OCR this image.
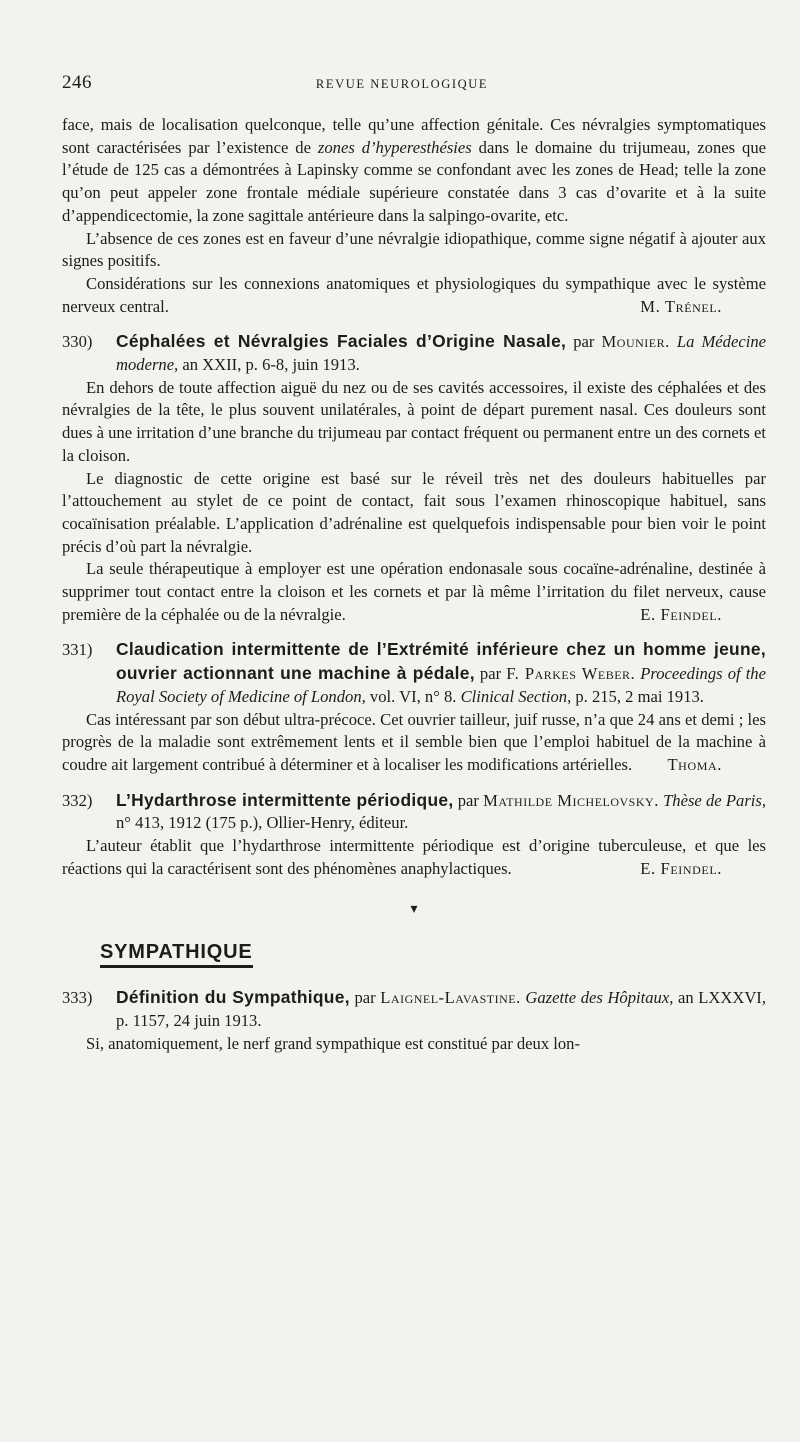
246	REVUE NEUROLOGIQUE

face, mais de localisation quelconque, telle qu’une affection génitale. Ces névralgies symptomatiques sont caractérisées par l’existence de zones d’hyperesthésies dans le domaine du trijumeau, zones que l’étude de 125 cas a démontrées à Lapinsky comme se confondant avec les zones de Head; telle la zone qu’on peut appeler zone frontale médiale supérieure constatée dans 3 cas d’ovarite et à la suite d’appendicectomie, la zone sagittale antérieure dans la salpingo-ovarite, etc.

L’absence de ces zones est en faveur d’une névralgie idiopathique, comme signe négatif à ajouter aux signes positifs.

Considérations sur les connexions anatomiques et physiologiques du sympathique avec le système nerveux central.	M. Trénel.

330) Céphalées et Névralgies Faciales d’Origine Nasale, par Mounier. La Médecine moderne, an XXII, p. 6-8, juin 1913.

En dehors de toute affection aiguë du nez ou de ses cavités accessoires, il existe des céphalées et des névralgies de la tête, le plus souvent unilatérales, à point de départ purement nasal. Ces douleurs sont dues à une irritation d’une branche du trijumeau par contact fréquent ou permanent entre un des cornets et la cloison.

Le diagnostic de cette origine est basé sur le réveil très net des douleurs habituelles par l’attouchement au stylet de ce point de contact, fait sous l’examen rhinoscopique habituel, sans cocaïnisation préalable. L’application d’adrénaline est quelquefois indispensable pour bien voir le point précis d’où part la névralgie.

La seule thérapeutique à employer est une opération endonasale sous cocaïne-adrénaline, destinée à supprimer tout contact entre la cloison et les cornets et par là même l’irritation du filet nerveux, cause première de la céphalée ou de la névralgie.	E. Feindel.

331) Claudication intermittente de l’Extrémité inférieure chez un homme jeune, ouvrier actionnant une machine à pédale, par F. Parkes Weber. Proceedings of the Royal Society of Medicine of London, vol. VI, n° 8. Clinical Section, p. 215, 2 mai 1913.

Cas intéressant par son début ultra-précoce. Cet ouvrier tailleur, juif russe, n’a que 24 ans et demi ; les progrès de la maladie sont extrêmement lents et il semble bien que l’emploi habituel de la machine à coudre ait largement contribué à déterminer et à localiser les modifications artérielles.	Thoma.

332) L’Hydarthrose intermittente périodique, par Mathilde Michelovsky. Thèse de Paris, n° 413, 1912 (175 p.), Ollier-Henry, éditeur.

L’auteur établit que l’hydarthrose intermittente périodique est d’origine tuberculeuse, et que les réactions qui la caractérisent sont des phénomènes anaphylactiques.	E. Feindel.

▾
SYMPATHIQUE

333) Définition du Sympathique, par Laignel-Lavastine. Gazette des Hôpitaux, an LXXXVI, p. 1157, 24 juin 1913.

Si, anatomiquement, le nerf grand sympathique est constitué par deux lon-
